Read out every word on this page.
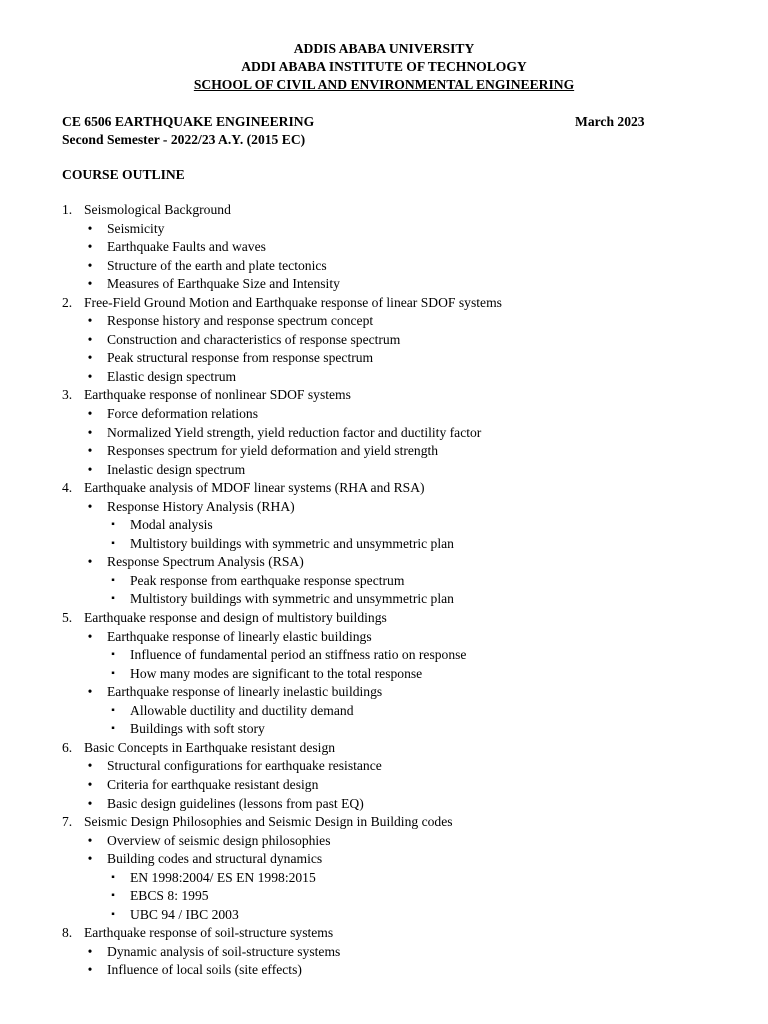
ADDIS ABABA UNIVERSITY
ADDI ABABA INSTITUTE OF TECHNOLOGY
SCHOOL OF CIVIL AND ENVIRONMENTAL ENGINEERING
CE 6506 EARTHQUAKE ENGINEERING	March 2023
Second Semester - 2022/23 A.Y. (2015 EC)
COURSE OUTLINE
1. Seismological Background
• Seismicity
• Earthquake Faults and waves
• Structure of the earth and plate tectonics
• Measures of Earthquake Size and Intensity
2. Free-Field Ground Motion and Earthquake response of linear SDOF systems
• Response history and response spectrum concept
• Construction and characteristics of response spectrum
• Peak structural response from response spectrum
• Elastic design spectrum
3. Earthquake response of nonlinear SDOF systems
• Force deformation relations
• Normalized Yield strength, yield reduction factor and ductility factor
• Responses spectrum for yield deformation and yield strength
• Inelastic design spectrum
4. Earthquake analysis of MDOF linear systems (RHA and RSA)
• Response History Analysis (RHA)
▪	Modal analysis
▪	Multistory buildings with symmetric and unsymmetric plan
• Response Spectrum Analysis (RSA)
▪	Peak response from earthquake response spectrum
▪	Multistory buildings with symmetric and unsymmetric plan
5. Earthquake response and design of multistory buildings
• Earthquake response of linearly elastic buildings
▪	Influence of fundamental period an stiffness ratio on response
▪	How many modes are significant to the total response
• Earthquake response of linearly inelastic buildings
▪	Allowable ductility and ductility demand
▪	Buildings with soft story
6. Basic Concepts in Earthquake resistant design
• Structural configurations for earthquake resistance
• Criteria for earthquake resistant design
• Basic design guidelines (lessons from past EQ)
7. Seismic Design Philosophies and Seismic Design in Building codes
• Overview of seismic design philosophies
• Building codes and structural dynamics
▪	EN 1998:2004/ ES EN 1998:2015
▪	EBCS 8: 1995
▪	UBC 94 / IBC 2003
8. Earthquake response of soil-structure systems
• Dynamic analysis of soil-structure systems
• Influence of local soils (site effects)
